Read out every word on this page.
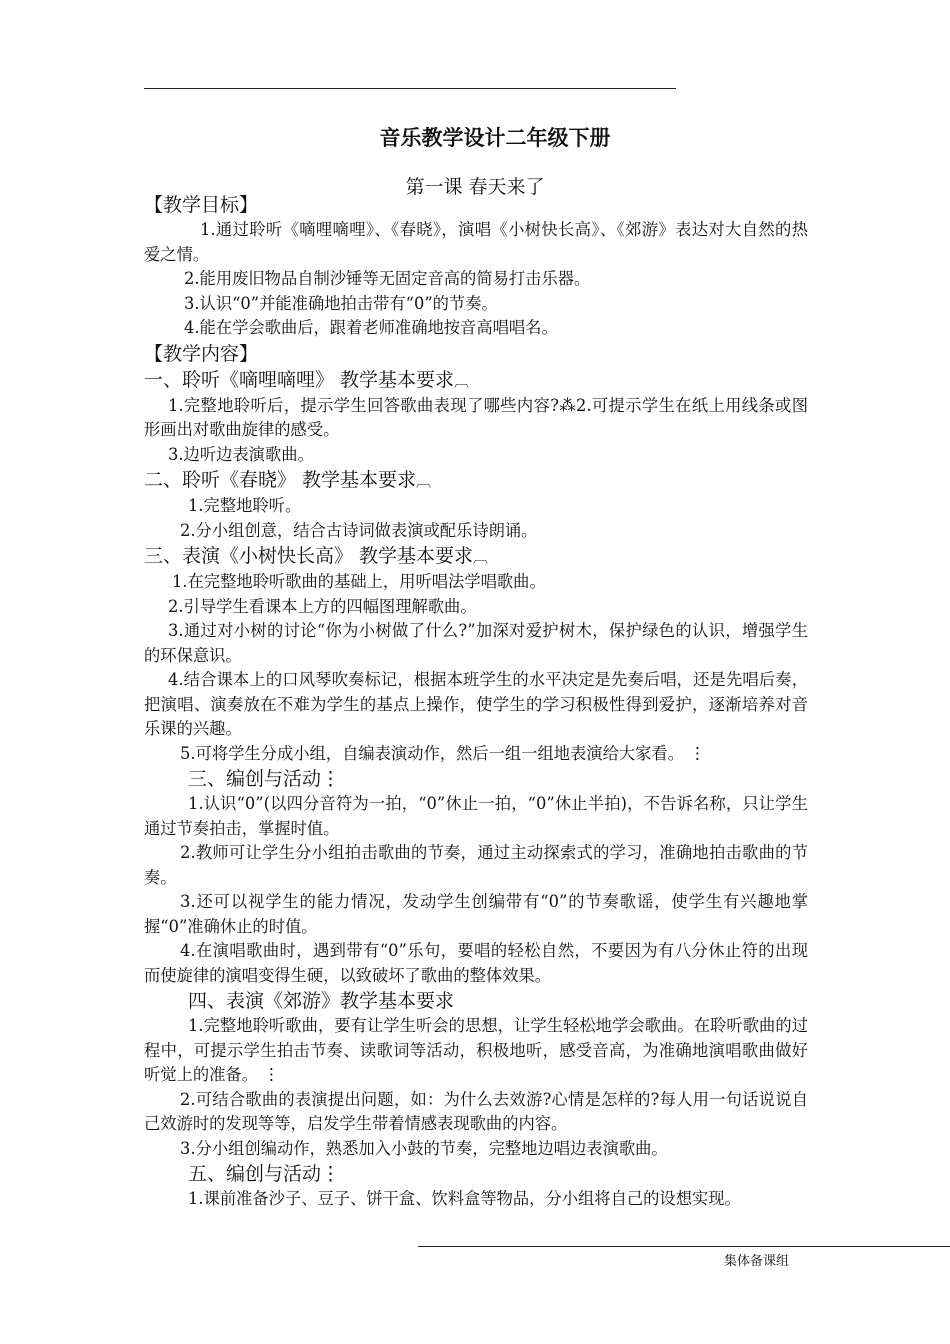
音乐教学设计二年级下册
第一课 春天来了
【教学目标】

1.通过聆听《嘀哩嘀哩》、《春晓》，演唱《小树快长高》、《郊游》表达对大自然的热爱之情。

2.能用废旧物品自制沙锤等无固定音高的简易打击乐器。

3.认识“0”并能准确地拍击带有“0”的节奏。

4.能在学会歌曲后，跟着老师准确地按音高唱唱名。

【教学内容】
一、聆听《嘀哩嘀哩》 教学基本要求︹

1.完整地聆听后，提示学生回答歌曲表现了哪些内容?⁂2.可提示学生在纸上用线条或图形画出对歌曲旋律的感受。

3.边听边表演歌曲。

二、聆听《春晓》 教学基本要求︹

1.完整地聆听。

2.分小组创意，结合古诗词做表演或配乐诗朗诵。

三、表演《小树快长高》 教学基本要求︹

1.在完整地聆听歌曲的基础上，用听唱法学唱歌曲。

2.引导学生看课本上方的四幅图理解歌曲。

3.通过对小树的讨论“你为小树做了什么?”加深对爱护树木，保护绿色的认识，增强学生的环保意识。

4.结合课本上的口风琴吹奏标记，根据本班学生的水平决定是先奏后唱，还是先唱后奏，把演唱、演奏放在不难为学生的基点上操作，使学生的学习积极性得到爱护，逐渐培养对音乐课的兴趣。

5.可将学生分成小组，自编表演动作，然后一组一组地表演给大家看。 ⋮

三、编创与活动⋮

1.认识“0”(以四分音符为一拍，“0”休止一拍，“0”休止半拍)，不告诉名称，只让学生通过节奏拍击，掌握时值。

2.教师可让学生分小组拍击歌曲的节奏，通过主动探索式的学习，准确地拍击歌曲的节奏。

3.还可以视学生的能力情况，发动学生创编带有“0”的节奏歌谣，使学生有兴趣地掌握“0”准确休止的时值。

4.在演唱歌曲时，遇到带有“0”乐句，要唱的轻松自然，不要因为有八分休止符的出现而使旋律的演唱变得生硬，以致破坏了歌曲的整体效果。

四、表演《郊游》教学基本要求

1.完整地聆听歌曲，要有让学生听会的思想，让学生轻松地学会歌曲。在聆听歌曲的过程中，可提示学生拍击节奏、读歌词等活动，积极地听，感受音高，为准确地演唱歌曲做好听觉上的准备。 ⋮

2.可结合歌曲的表演提出问题，如：为什么去效游?心情是怎样的?每人用一句话说说自己效游时的发现等等，启发学生带着情感表现歌曲的内容。

3.分小组创编动作，熟悉加入小鼓的节奏，完整地边唱边表演歌曲。

五、编创与活动⋮

1.课前准备沙子、豆子、饼干盒、饮料盒等物品，分小组将自己的设想实现。

集体备课组
